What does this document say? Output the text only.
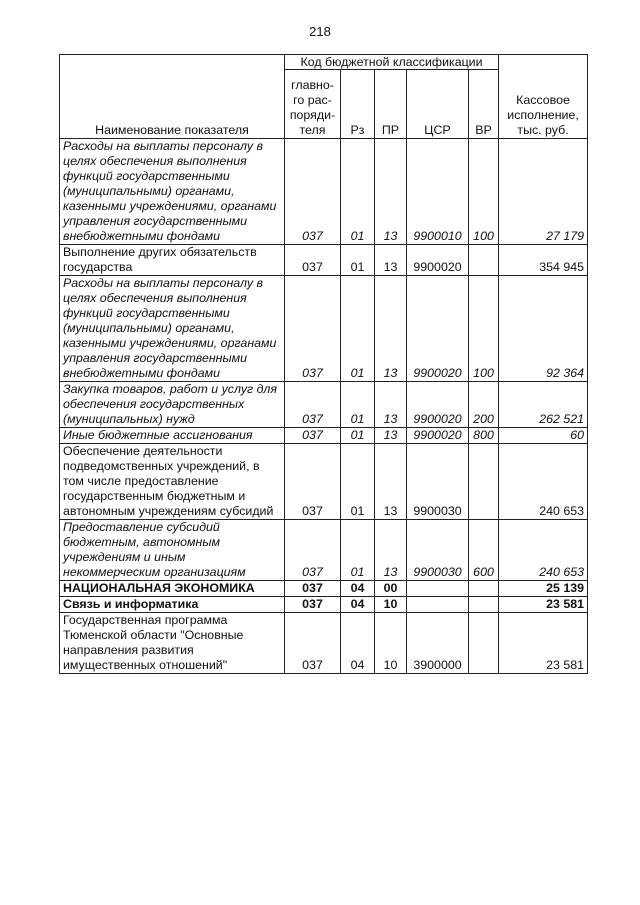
218
Наименование показателя	Код бюджетной классификации					Кассовое исполнение, тыс. руб.
	главно-го рас-поряди-теля	Рз	ПР	ЦСР	ВР	
Расходы на выплаты персоналу в целях обеспечения выполнения функций государственными (муниципальными) органами, казенными учреждениями, органами управления государственными внебюджетными фондами	037	01	13	9900010	100	27 179
Выполнение других обязательств государства	037	01	13	9900020		354 945
Расходы на выплаты персоналу в целях обеспечения выполнения функций государственными (муниципальными) органами, казенными учреждениями, органами управления государственными внебюджетными фондами	037	01	13	9900020	100	92 364
Закупка товаров, работ и услуг для обеспечения государственных (муниципальных) нужд	037	01	13	9900020	200	262 521
Иные бюджетные ассигнования	037	01	13	9900020	800	60
Обеспечение деятельности подведомственных учреждений, в том числе предоставление государственным бюджетным и автономным учреждениям субсидий	037	01	13	9900030		240 653
Предоставление субсидий бюджетным, автономным учреждениям и иным некоммерческим организациям	037	01	13	9900030	600	240 653
НАЦИОНАЛЬНАЯ ЭКОНОМИКА	037	04	00			25 139
Связь и информатика	037	04	10			23 581
Государственная программа Тюменской области "Основные направления развития имущественных отношений"	037	04	10	3900000		23 581
